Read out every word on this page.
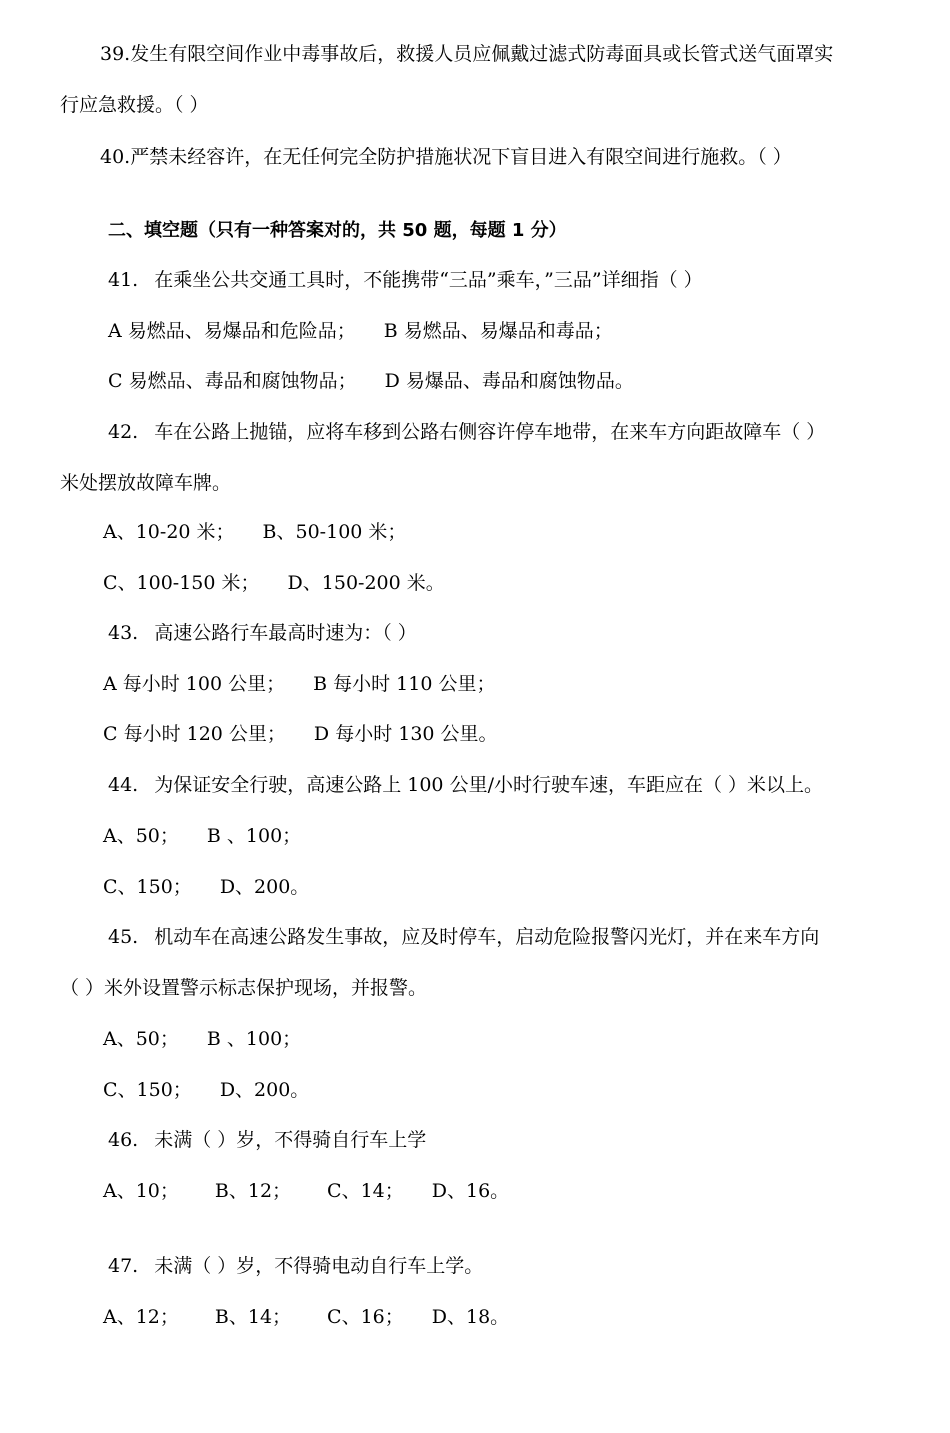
39.发生有限空间作业中毒事故后，救援人员应佩戴过滤式防毒面具或长管式送气面罩实
行应急救援。（ ）
40.严禁未经容许，在无任何完全防护措施状况下盲目进入有限空间进行施救。（ ）
二、填空题（只有一种答案对的，共 50 题，每题 1 分）
41. 在乘坐公共交通工具时，不能携带“三品”乘车，”三品”详细指（ ）
A 易燃品、易爆品和危险品； B 易燃品、易爆品和毒品；
C 易燃品、毒品和腐蚀物品； D 易爆品、毒品和腐蚀物品。
42. 车在公路上抛锚，应将车移到公路右侧容许停车地带，在来车方向距故障车（ ）
米处摆放故障车牌。
A、10-20 米； B、50-100 米；
C、100-150 米； D、150-200 米。
43. 高速公路行车最高时速为：（ ）
A 每小时 100 公里； B 每小时 110 公里；
C 每小时 120 公里； D 每小时 130 公里。
44. 为保证安全行驶，高速公路上 100 公里/小时行驶车速，车距应在（ ）米以上。
A、50； B 、100；
C、150； D、200。
45. 机动车在高速公路发生事故，应及时停车，启动危险报警闪光灯，并在来车方向
（ ）米外设置警示标志保护现场，并报警。
A、50； B 、100；
C、150； D、200。
46. 未满（ ）岁，不得骑自行车上学
A、10； B、12； C、14； D、16。
47. 未满（ ）岁，不得骑电动自行车上学。
A、12； B、14； C、16； D、18。
